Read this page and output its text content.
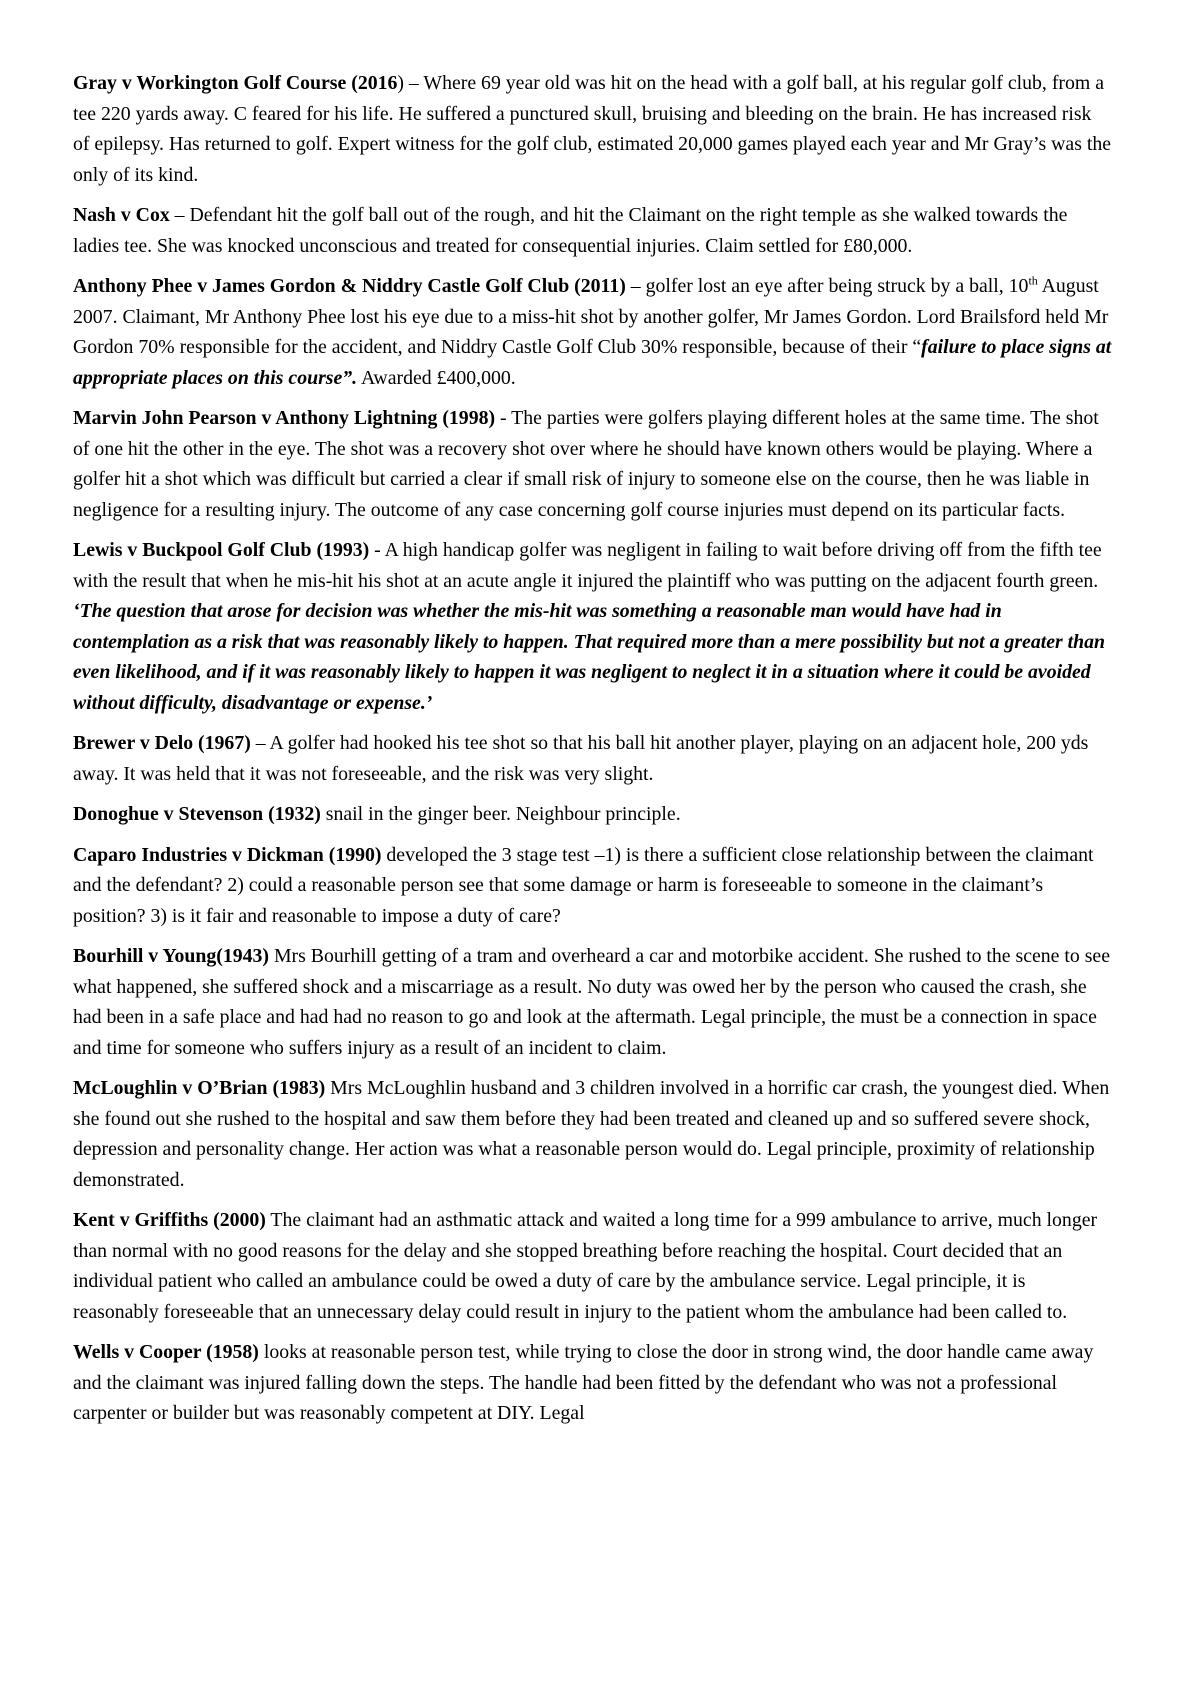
Gray v Workington Golf Course (2016) – Where 69 year old was hit on the head with a golf ball, at his regular golf club, from a tee 220 yards away. C feared for his life. He suffered a punctured skull, bruising and bleeding on the brain. He has increased risk of epilepsy. Has returned to golf. Expert witness for the golf club, estimated 20,000 games played each year and Mr Gray’s was the only of its kind.

Nash v Cox – Defendant hit the golf ball out of the rough, and hit the Claimant on the right temple as she walked towards the ladies tee. She was knocked unconscious and treated for consequential injuries. Claim settled for £80,000.

Anthony Phee v James Gordon & Niddry Castle Golf Club (2011) – golfer lost an eye after being struck by a ball, 10th August 2007. Claimant, Mr Anthony Phee lost his eye due to a miss-hit shot by another golfer, Mr James Gordon. Lord Brailsford held Mr Gordon 70% responsible for the accident, and Niddry Castle Golf Club 30% responsible, because of their “failure to place signs at appropriate places on this course”. Awarded £400,000.

Marvin John Pearson v Anthony Lightning (1998) - The parties were golfers playing different holes at the same time. The shot of one hit the other in the eye. The shot was a recovery shot over where he should have known others would be playing. Where a golfer hit a shot which was difficult but carried a clear if small risk of injury to someone else on the course, then he was liable in negligence for a resulting injury. The outcome of any case concerning golf course injuries must depend on its particular facts.

Lewis v Buckpool Golf Club (1993) - A high handicap golfer was negligent in failing to wait before driving off from the fifth tee with the result that when he mis-hit his shot at an acute angle it injured the plaintiff who was putting on the adjacent fourth green. ‘The question that arose for decision was whether the mis-hit was something a reasonable man would have had in contemplation as a risk that was reasonably likely to happen. That required more than a mere possibility but not a greater than even likelihood, and if it was reasonably likely to happen it was negligent to neglect it in a situation where it could be avoided without difficulty, disadvantage or expense.’

Brewer v Delo (1967) – A golfer had hooked his tee shot so that his ball hit another player, playing on an adjacent hole, 200 yds away. It was held that it was not foreseeable, and the risk was very slight.

Donoghue v Stevenson (1932) snail in the ginger beer. Neighbour principle.

Caparo Industries v Dickman (1990) developed the 3 stage test –1) is there a sufficient close relationship between the claimant and the defendant? 2) could a reasonable person see that some damage or harm is foreseeable to someone in the claimant’s position? 3) is it fair and reasonable to impose a duty of care?

Bourhill v Young(1943) Mrs Bourhill getting of a tram and overheard a car and motorbike accident. She rushed to the scene to see what happened, she suffered shock and a miscarriage as a result. No duty was owed her by the person who caused the crash, she had been in a safe place and had had no reason to go and look at the aftermath. Legal principle, the must be a connection in space and time for someone who suffers injury as a result of an incident to claim.

McLoughlin v O’Brian (1983) Mrs McLoughlin husband and 3 children involved in a horrific car crash, the youngest died. When she found out she rushed to the hospital and saw them before they had been treated and cleaned up and so suffered severe shock, depression and personality change. Her action was what a reasonable person would do. Legal principle, proximity of relationship demonstrated.

Kent v Griffiths (2000) The claimant had an asthmatic attack and waited a long time for a 999 ambulance to arrive, much longer than normal with no good reasons for the delay and she stopped breathing before reaching the hospital. Court decided that an individual patient who called an ambulance could be owed a duty of care by the ambulance service. Legal principle, it is reasonably foreseeable that an unnecessary delay could result in injury to the patient whom the ambulance had been called to.

Wells v Cooper (1958) looks at reasonable person test, while trying to close the door in strong wind, the door handle came away and the claimant was injured falling down the steps. The handle had been fitted by the defendant who was not a professional carpenter or builder but was reasonably competent at DIY. Legal
